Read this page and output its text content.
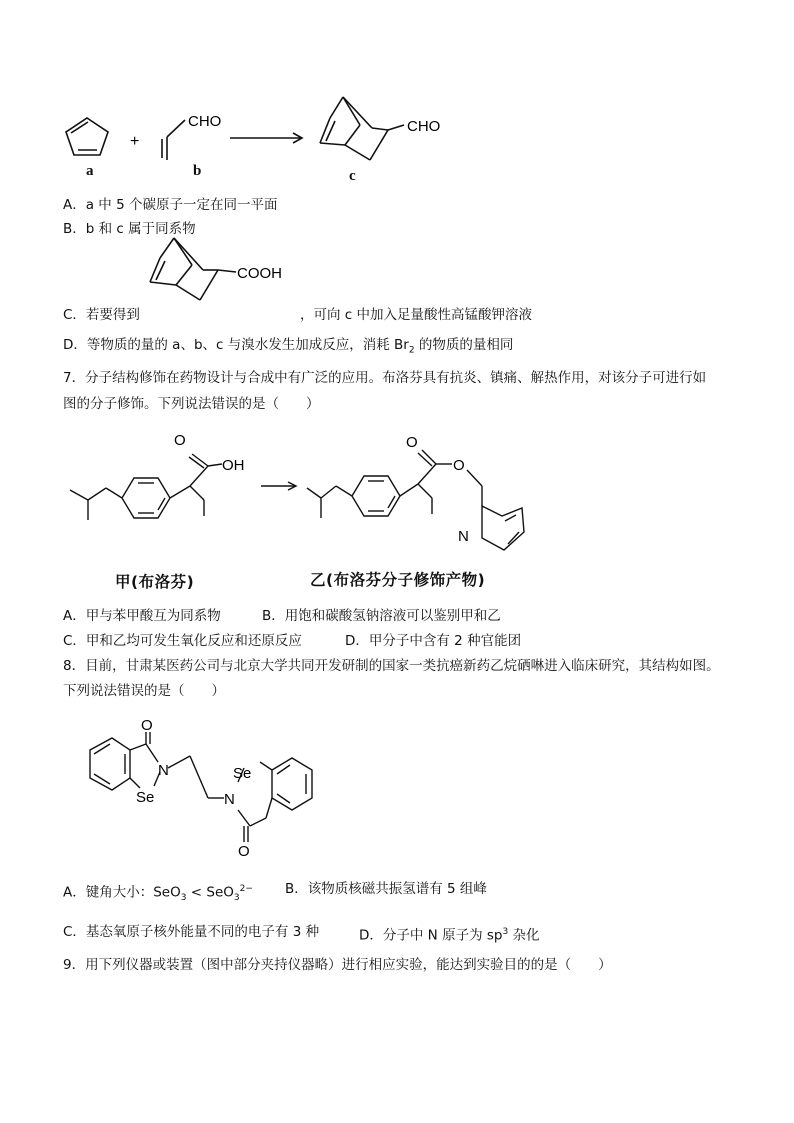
+
CHO	CHO
a	b	c
A．a 中 5 个碳原子一定在同一平面
B．b 和 c 属于同系物
COOH
C．若要得到	，可向 c 中加入足量酸性高锰酸钾溶液
D．等物质的量的 a、b、c 与溴水发生加成反应，消耗 $Br_2$ 的物质的量相同
7．分子结构修饰在药物设计与合成中有广泛的应用。布洛芬具有抗炎、镇痛、解热作用，对该分子可进行如
图的分子修饰。下列说法错误的是（　　）
O
OH
O
O
N
甲(布洛芬)	乙(布洛芬分子修饰产物)
A．甲与苯甲酸互为同系物	B．用饱和碳酸氢钠溶液可以鉴别甲和乙
C．甲和乙均可发生氧化反应和还原反应	D．甲分子中含有 2 种官能团
8．目前，甘肃某医药公司与北京大学共同开发研制的国家一类抗癌新药乙烷硒啉进入临床研究，其结构如图。
下列说法错误的是（　　）
O
N
Se
Se
N
O
A．键角大小：SeO$_3$ < SeO$_3^{2-}$ B．该物质核磁共振氢谱有 5 组峰
C．基态氧原子核外能量不同的电子有 3 种	D．分子中 N 原子为 $sp^3$ 杂化
9．用下列仪器或装置（图中部分夹持仪器略）进行相应实验，能达到实验目的的是（　　）
